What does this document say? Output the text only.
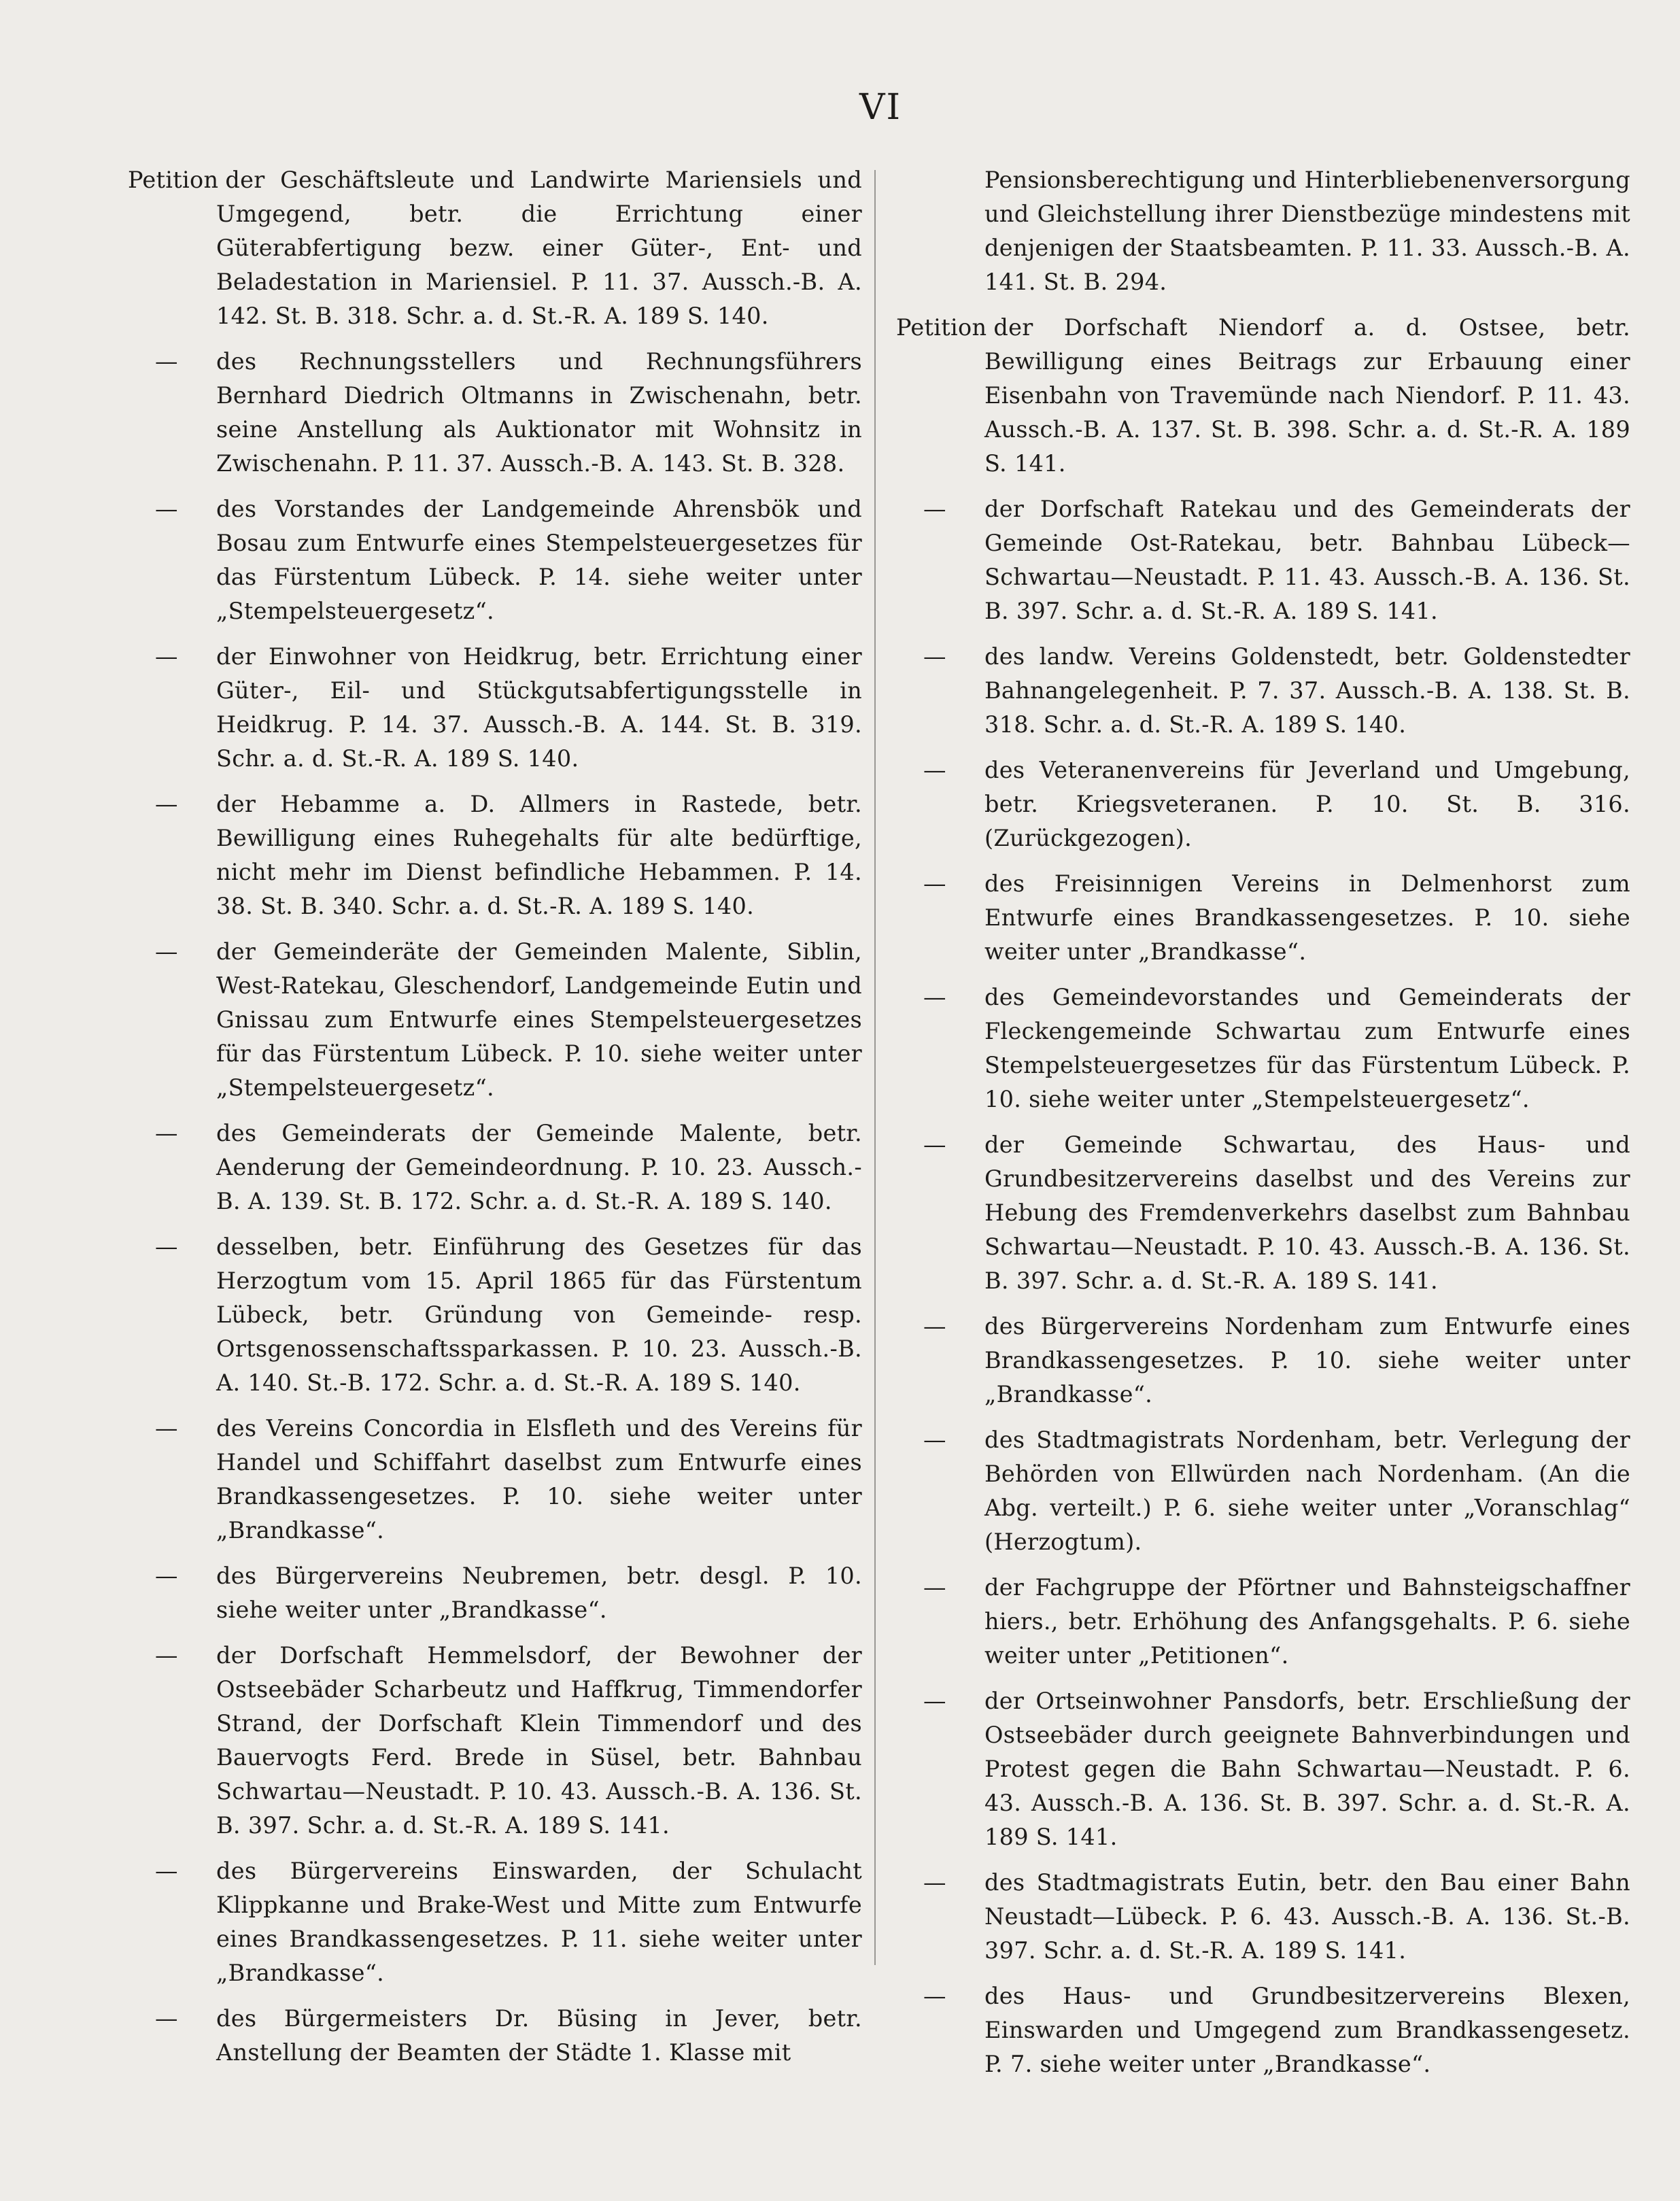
VI
Petition der Geschäftsleute und Landwirte Mariensiels und Umgegend, betr. die Errichtung einer Güterabfertigung bezw. einer Güter-, Ent- und Beladestation in Mariensiel. P. 11. 37. Aussch.-B. A. 142. St. B. 318. Schr. a. d. St.-R. A. 189 S. 140.
— des Rechnungsstellers und Rechnungsführers Bernhard Diedrich Oltmanns in Zwischenahn, betr. seine Anstellung als Auktionator mit Wohnsitz in Zwischenahn. P. 11. 37. Aussch.-B. A. 143. St. B. 328.
— des Vorstandes der Landgemeinde Ahrensbök und Bosau zum Entwurfe eines Stempelsteuergesetzes für das Fürstentum Lübeck. P. 14. siehe weiter unter „Stempelsteuergesetz“.
— der Einwohner von Heidkrug, betr. Errichtung einer Güter-, Eil- und Stückgutsabfertigungsstelle in Heidkrug. P. 14. 37. Aussch.-B. A. 144. St. B. 319. Schr. a. d. St.-R. A. 189 S. 140.
— der Hebamme a. D. Allmers in Rastede, betr. Bewilligung eines Ruhegehalts für alte bedürftige, nicht mehr im Dienst befindliche Hebammen. P. 14. 38. St. B. 340. Schr. a. d. St.-R. A. 189 S. 140.
— der Gemeinderäte der Gemeinden Malente, Siblin, West-Ratekau, Gleschendorf, Landgemeinde Eutin und Gnissau zum Entwurfe eines Stempelsteuergesetzes für das Fürstentum Lübeck. P. 10. siehe weiter unter „Stempelsteuergesetz“.
— des Gemeinderats der Gemeinde Malente, betr. Aenderung der Gemeindeordnung. P. 10. 23. Aussch.-B. A. 139. St. B. 172. Schr. a. d. St.-R. A. 189 S. 140.
— desselben, betr. Einführung des Gesetzes für das Herzogtum vom 15. April 1865 für das Fürstentum Lübeck, betr. Gründung von Gemeinde- resp. Ortsgenossenschaftssparkassen. P. 10. 23. Aussch.-B. A. 140. St.-B. 172. Schr. a. d. St.-R. A. 189 S. 140.
— des Vereins Concordia in Elsfleth und des Vereins für Handel und Schiffahrt daselbst zum Entwurfe eines Brandkassengesetzes. P. 10. siehe weiter unter „Brandkasse“.
— des Bürgervereins Neubremen, betr. desgl. P. 10. siehe weiter unter „Brandkasse“.
— der Dorfschaft Hemmelsdorf, der Bewohner der Ostseebäder Scharbeutz und Haffkrug, Timmendorfer Strand, der Dorfschaft Klein Timmendorf und des Bauervogts Ferd. Brede in Süsel, betr. Bahnbau Schwartau—Neustadt. P. 10. 43. Aussch.-B. A. 136. St. B. 397. Schr. a. d. St.-R. A. 189 S. 141.
— des Bürgervereins Einswarden, der Schulacht Klippkanne und Brake-West und Mitte zum Entwurfe eines Brandkassengesetzes. P. 11. siehe weiter unter „Brandkasse“.
— des Bürgermeisters Dr. Büsing in Jever, betr. Anstellung der Beamten der Städte 1. Klasse mit
Pensionsberechtigung und Hinterbliebenenversorgung und Gleichstellung ihrer Dienstbezüge mindestens mit denjenigen der Staatsbeamten. P. 11. 33. Aussch.-B. A. 141. St. B. 294.
Petition der Dorfschaft Niendorf a. d. Ostsee, betr. Bewilligung eines Beitrags zur Erbauung einer Eisenbahn von Travemünde nach Niendorf. P. 11. 43. Aussch.-B. A. 137. St. B. 398. Schr. a. d. St.-R. A. 189 S. 141.
— der Dorfschaft Ratekau und des Gemeinderats der Gemeinde Ost-Ratekau, betr. Bahnbau Lübeck—Schwartau—Neustadt. P. 11. 43. Aussch.-B. A. 136. St. B. 397. Schr. a. d. St.-R. A. 189 S. 141.
— des landw. Vereins Goldenstedt, betr. Goldenstedter Bahnangelegenheit. P. 7. 37. Aussch.-B. A. 138. St. B. 318. Schr. a. d. St.-R. A. 189 S. 140.
— des Veteranenvereins für Jeverland und Umgebung, betr. Kriegsveteranen. P. 10. St. B. 316. (Zurückgezogen).
— des Freisinnigen Vereins in Delmenhorst zum Entwurfe eines Brandkassengesetzes. P. 10. siehe weiter unter „Brandkasse“.
— des Gemeindevorstandes und Gemeinderats der Fleckengemeinde Schwartau zum Entwurfe eines Stempelsteuergesetzes für das Fürstentum Lübeck. P. 10. siehe weiter unter „Stempelsteuergesetz“.
— der Gemeinde Schwartau, des Haus- und Grundbesitzervereins daselbst und des Vereins zur Hebung des Fremdenverkehrs daselbst zum Bahnbau Schwartau—Neustadt. P. 10. 43. Aussch.-B. A. 136. St. B. 397. Schr. a. d. St.-R. A. 189 S. 141.
— des Bürgervereins Nordenham zum Entwurfe eines Brandkassengesetzes. P. 10. siehe weiter unter „Brandkasse“.
— des Stadtmagistrats Nordenham, betr. Verlegung der Behörden von Ellwürden nach Nordenham. (An die Abg. verteilt.) P. 6. siehe weiter unter „Voranschlag“ (Herzogtum).
— der Fachgruppe der Pförtner und Bahnsteigschaffner hiers., betr. Erhöhung des Anfangsgehalts. P. 6. siehe weiter unter „Petitionen“.
— der Ortseinwohner Pansdorfs, betr. Erschließung der Ostseebäder durch geeignete Bahnverbindungen und Protest gegen die Bahn Schwartau—Neustadt. P. 6. 43. Aussch.-B. A. 136. St. B. 397. Schr. a. d. St.-R. A. 189 S. 141.
— des Stadtmagistrats Eutin, betr. den Bau einer Bahn Neustadt—Lübeck. P. 6. 43. Aussch.-B. A. 136. St.-B. 397. Schr. a. d. St.-R. A. 189 S. 141.
— des Haus- und Grundbesitzervereins Blexen, Einswarden und Umgegend zum Brandkassengesetz. P. 7. siehe weiter unter „Brandkasse“.
